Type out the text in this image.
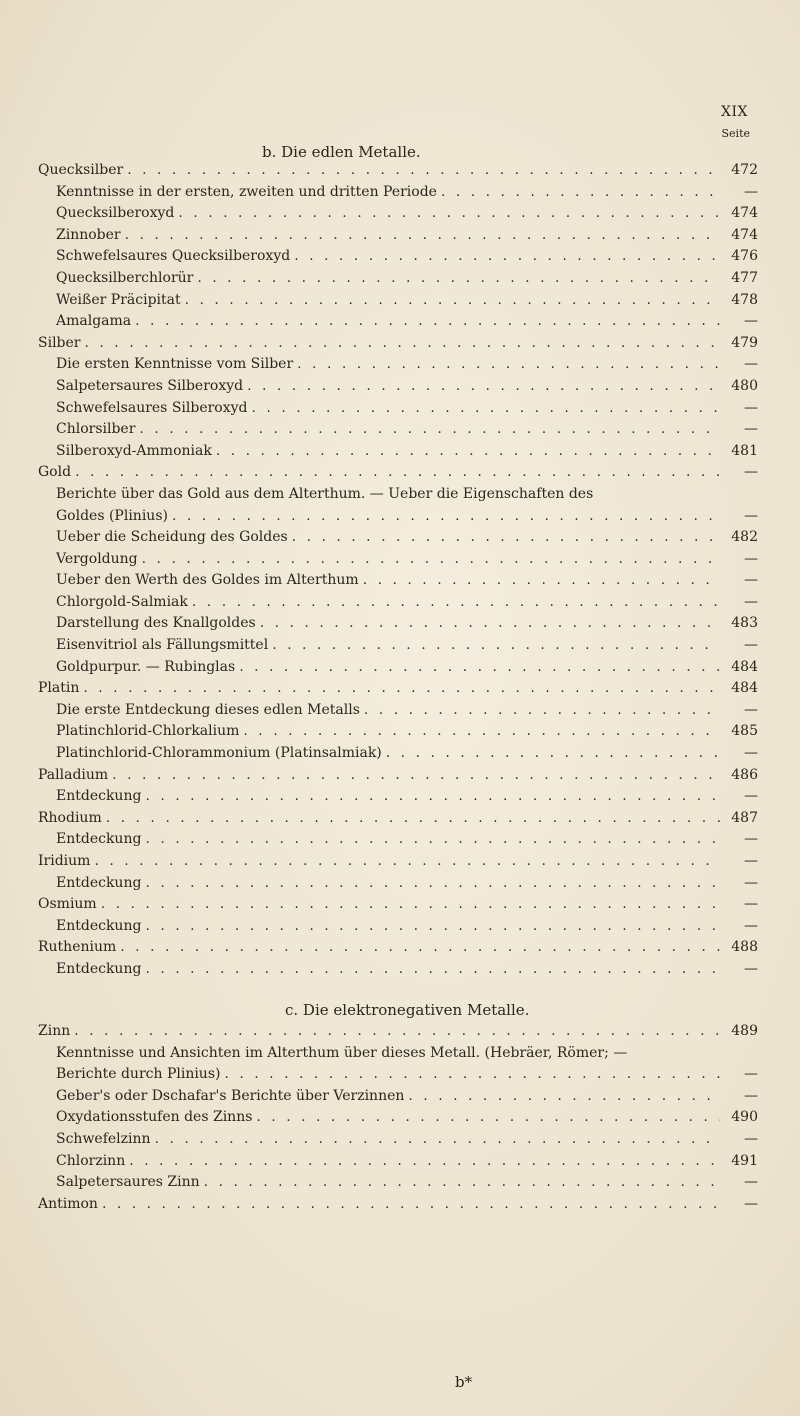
XIX
Seite
b. Die edlen Metalle.
Quecksilber . . .	472
Kenntnisse in der ersten, zweiten und dritten Periode . . .	—
Quecksilberoxyd . . .	474
Zinnober . . .	474
Schwefelsaures Quecksilberoxyd . . .	476
Quecksilberchlorür . . .	477
Weißer Präcipitat . . .	478
Amalgama . . .	—
Silber . . .	479
Die ersten Kenntnisse vom Silber . . .	—
Salpetersaures Silberoxyd . . .	480
Schwefelsaures Silberoxyd . . .	—
Chlorsilber . . .	—
Silberoxyd-Ammoniak . . .	481
Gold . . .	—
Berichte über das Gold aus dem Alterthum. — Ueber die Eigenschaften des
Goldes (Plinius) . . .	—
Ueber die Scheidung des Goldes . . .	482
Vergoldung . . .	—
Ueber den Werth des Goldes im Alterthum . . .	—
Chlorgold-Salmiak . . .	—
Darstellung des Knallgoldes . . .	483
Eisenvitriol als Fällungsmittel . . .	—
Goldpurpur. — Rubinglas . . .	484
Platin . . .	484
Die erste Entdeckung dieses edlen Metalls . . .	—
Platinchlorid-Chlorkalium . . .	485
Platinchlorid-Chlorammonium (Platinsalmiak) . . .	—
Palladium . . .	486
Entdeckung . . .	—
Rhodium . . .	487
Entdeckung . . .	—
Iridium . . .	—
Entdeckung . . .	—
Osmium . . .	—
Entdeckung . . .	—
Ruthenium . . .	488
Entdeckung . . .	—
c. Die elektronegativen Metalle.
Zinn . . .	489
Kenntnisse und Ansichten im Alterthum über dieses Metall. (Hebräer, Römer; —
Berichte durch Plinius) . . .	—
Geber's oder Dschafar's Berichte über Verzinnen . . .	—
Oxydationsstufen des Zinns . . .	490
Schwefelzinn . . .	—
Chlorzinn . . .	491
Salpetersaures Zinn . . .	—
Antimon . . .	—
b*
